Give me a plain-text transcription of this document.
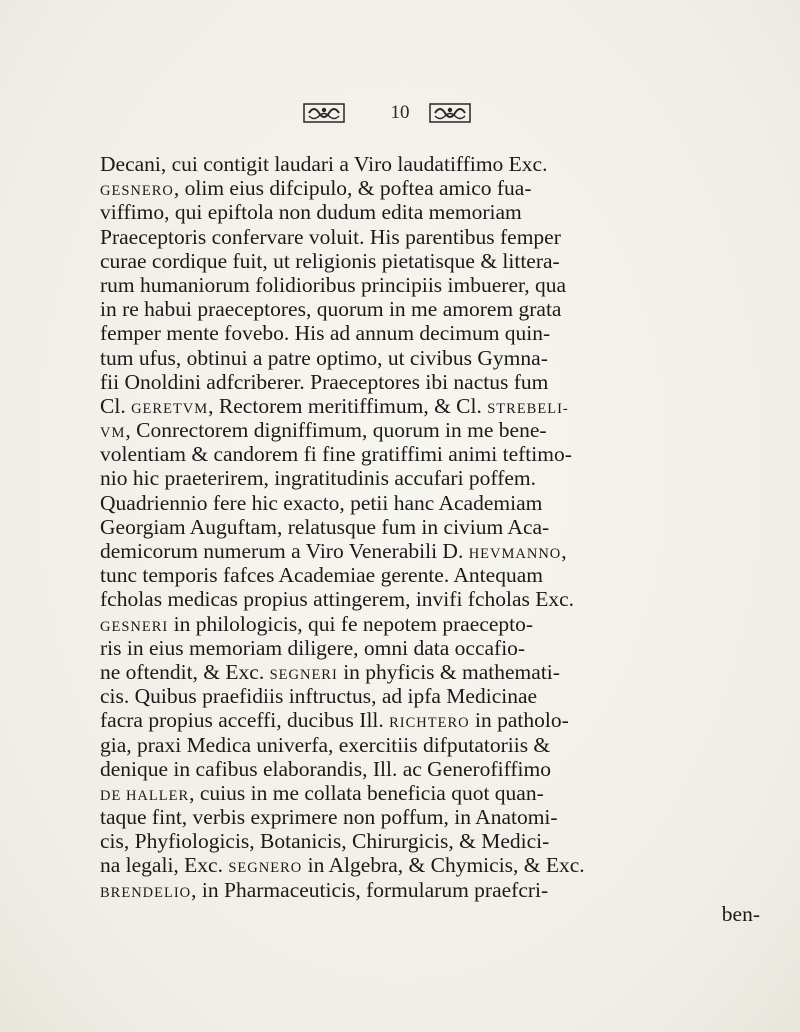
10
Decani, cui contigit laudari a Viro laudatiffimo Exc.
GESNERO, olim eius difcipulo, & poftea amico fua-
viffimo, qui epiftola non dudum edita memoriam
Praeceptoris confervare voluit. His parentibus femper
curae cordique fuit, ut religionis pietatisque & littera-
rum humaniorum folidioribus principiis imbuerer, qua
in re habui praeceptores, quorum in me amorem grata
femper mente fovebo. His ad annum decimum quin-
tum ufus, obtinui a patre optimo, ut civibus Gymna-
fii Onoldini adfcriberer. Praeceptores ibi nactus fum
Cl. GERETVM, Rectorem meritiffimum, & Cl. STREBELI-
VM, Conrectorem digniffimum, quorum in me bene-
volentiam & candorem fi fine gratiffimi animi teftimo-
nio hic praeterirem, ingratitudinis accufari poffem.
Quadriennio fere hic exacto, petii hanc Academiam
Georgiam Auguftam, relatusque fum in civium Aca-
demicorum numerum a Viro Venerabili D. HEVMANNO,
tunc temporis fafces Academiae gerente. Antequam
fcholas medicas propius attingerem, invifi fcholas Exc.
GESNERI in philologicis, qui fe nepotem praecepto-
ris in eius memoriam diligere, omni data occafio-
ne oftendit, & Exc. SEGNERI in phyficis & mathemati-
cis. Quibus praefidiis inftructus, ad ipfa Medicinae
facra propius acceffi, ducibus Ill. RICHTERO in patholo-
gia, praxi Medica univerfa, exercitiis difputatoriis &
denique in cafibus elaborandis, Ill. ac Generofiffimo
DE HALLER, cuius in me collata beneficia quot quan-
taque fint, verbis exprimere non poffum, in Anatomi-
cis, Phyfiologicis, Botanicis, Chirurgicis, & Medici-
na legali, Exc. SEGNERO in Algebra, & Chymicis, & Exc.
BRENDELIO, in Pharmaceuticis, formularum praefcri-
ben-
